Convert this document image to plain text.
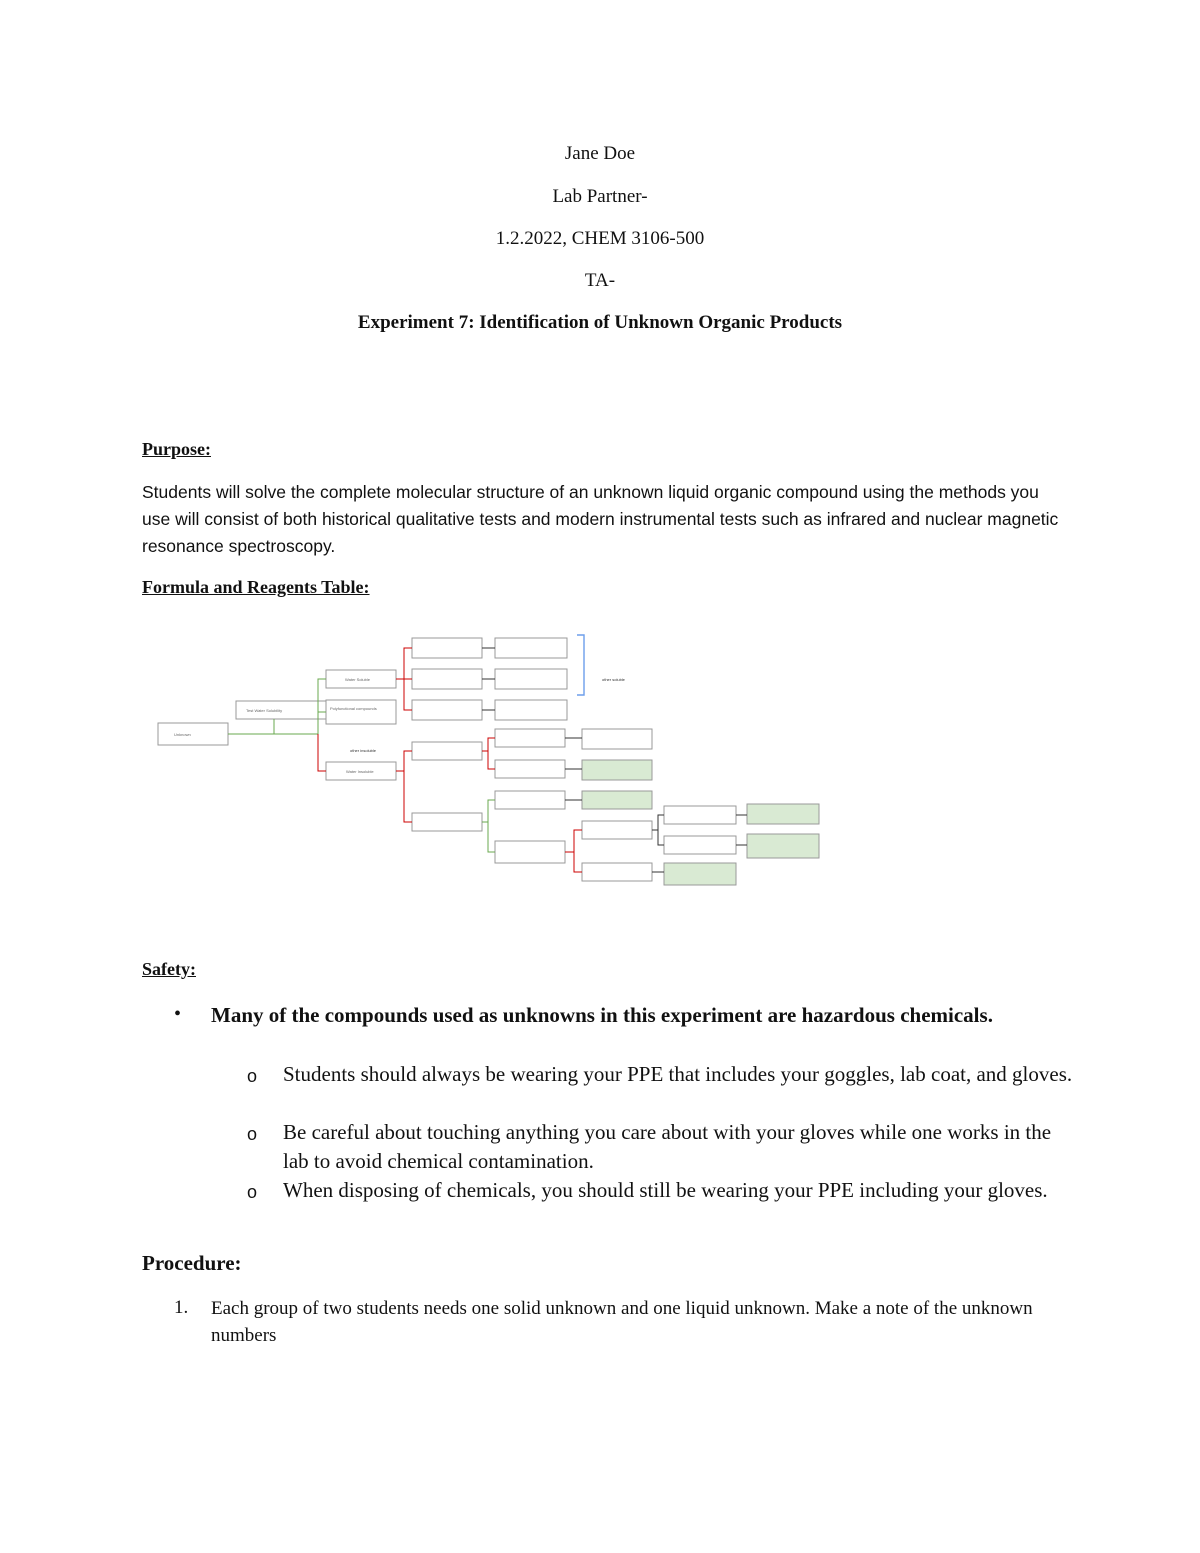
Jane Doe
Lab Partner-
1.2.2022, CHEM 3106-500
TA-
Experiment 7: Identification of Unknown Organic Products
Purpose:
Students will solve the complete molecular structure of an unknown liquid organic compound using the methods you use will consist of both historical qualitative tests and modern instrumental tests such as infrared and nuclear magnetic resonance spectroscopy.
Formula and Reagents Table:
Unknown
Test Water Solubility
Water Soluble
Polyfunctional compounds
other insoluble
Water Insoluble
other soluble
Safety:
• Many of the compounds used as unknowns in this experiment are hazardous chemicals.
o Students should always be wearing your PPE that includes your goggles, lab coat, and gloves.
o Be careful about touching anything you care about with your gloves while one works in the lab to avoid chemical contamination.
o When disposing of chemicals, you should still be wearing your PPE including your gloves.
Procedure:
1. Each group of two students needs one solid unknown and one liquid unknown. Make a note of the unknown numbers
